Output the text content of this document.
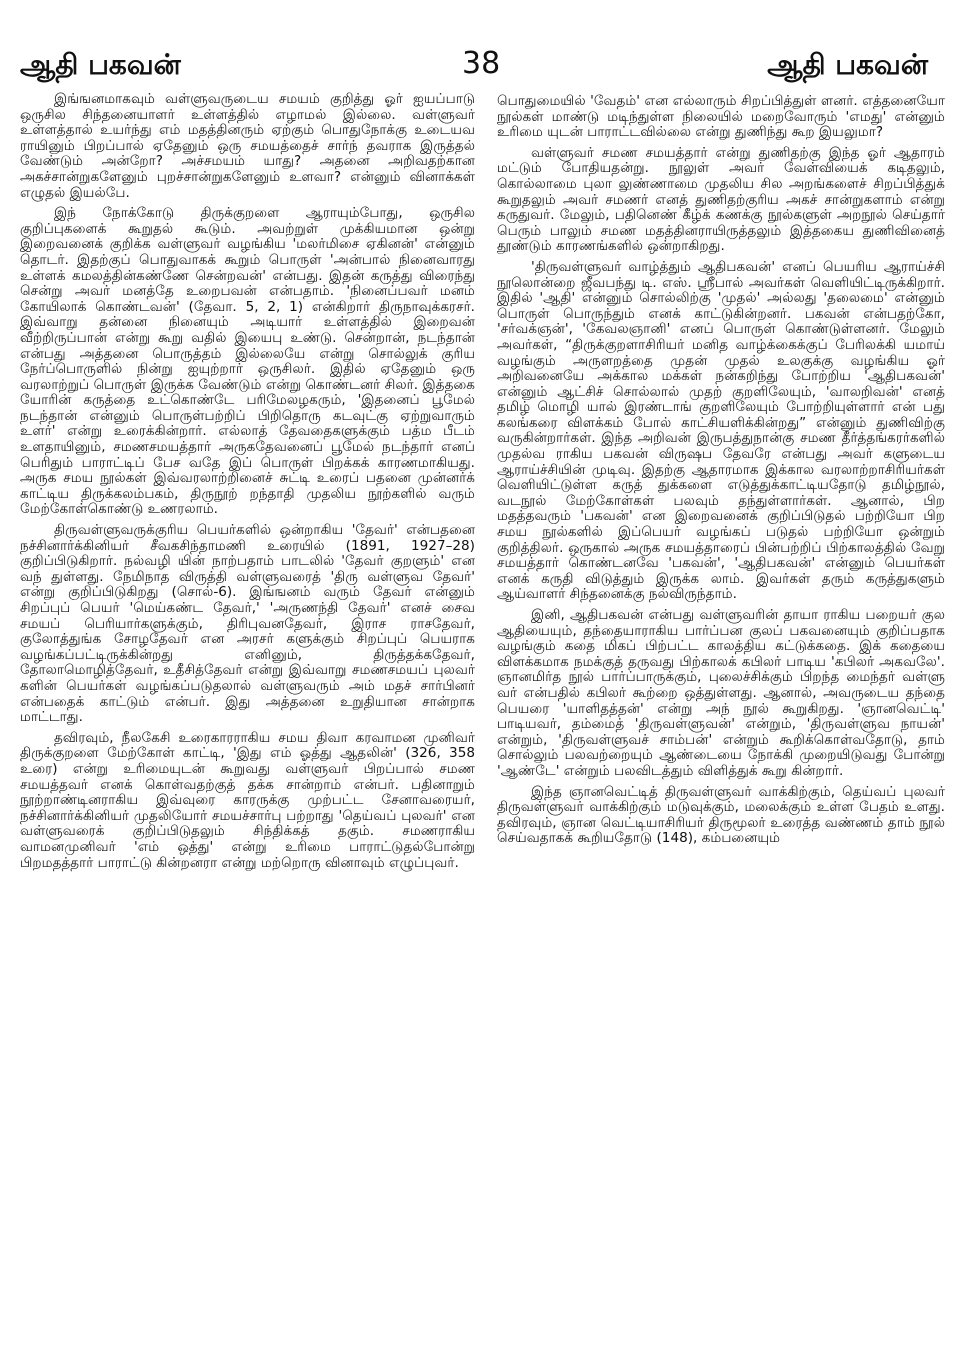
ஆதி பகவன்	38	ஆதி பகவன்

இங்ஙனமாகவும் வள்ளுவருடைய சமயம் குறித்து ஓர் ஐயப்பாடு ஒருசில சிந்தனையாளர் உள்ளத்தில் எழாமல் இல்லை. வள்ளுவர் உள்ளத்தால் உயர்ந்து எம் மதத்தினரும் ஏற்கும் பொதுநோக்கு உடையவ ராயினும் பிறப்பால் ஏதேனும் ஒரு சமயத்தைச் சார்ந் தவராக இருத்தல் வேண்டும் அன்றோ? அச்சமயம் யாது? அதனை அறிவதற்கான அகச்சான்றுகளேனும் புறச்சான்றுகளேனும் உளவா? என்னும் வினாக்கள் எழுதல் இயல்பே.

இந் நோக்கோடு திருக்குறளை ஆராயும்போது, ஒருசில குறிப்புகளைக் கூறுதல் கூடும். அவற்றுள் முக்கியமான ஒன்று இறைவனைக் குறிக்க வள்ளுவர் வழங்கிய 'மலர்மிசை ஏகினன்' என்னும் தொடர். இதற்குப் பொதுவாகக் கூறும் பொருள் 'அன்பால் நினைவாரது உள்ளக் கமலத்தின்கண்ணே சென்றவன்' என்பது. இதன் கருத்து விரைந்து சென்று அவர் மனத்தே உறைபவன் என்பதாம். 'நினைப்பவர் மனம் கோயிலாக் கொண்டவன்' (தேவா. 5, 2, 1) என்கிறார் திருநாவுக்கரசர். இவ்வாறு தன்னை நினையும் அடியார் உள்ளத்தில் இறைவன் வீற்றிருப்பான் என்று கூறு வதில் இயைபு உண்டு. சென்றான், நடந்தான் என்பது அத்தனை பொருத்தம் இல்லையே என்று சொல்லுக் குரிய நேர்ப்பொருளில் நின்று ஐயுற்றார் ஒருசிலர். இதில் ஏதேனும் ஒரு வரலாற்றுப் பொருள் இருக்க வேண்டும் என்று கொண்டனர் சிலர். இத்தகை யோரின் கருத்தை உட்கொண்டே பரிமேலழகரும், 'இதனைப் பூமேல் நடந்தான் என்னும் பொருள்பற்றிப் பிறிதொரு கடவுட்கு ஏற்றுவாரும் உளர்' என்று உரைக்கின்றார். எல்லாத் தேவதைகளுக்கும் பத்ம பீடம் உளதாயினும், சமணசமயத்தார் அருகதேவனைப் பூமேல் நடந்தார் எனப் பெரிதும் பாராட்டிப் பேச வதே இப் பொருள் பிறக்கக் காரணமாகியது. அருக சமய நூல்கள் இவ்வரலாற்றினைச் சுட்டி உரைப் பதனை முன்னர்க் காட்டிய திருக்கலம்பகம், திருநூற் றந்தாதி முதலிய நூற்களில் வரும் மேற்கோள்கொண்டு உணரலாம்.

திருவள்ளுவருக்குரிய பெயர்களில் ஒன்றாகிய 'தேவர்' என்பதனை நச்சினார்க்கினியர் சீவகசிந்தாமணி உரையில் (1891, 1927–28) குறிப்பிடுகிறார். நல்வழி யின் நாற்பதாம் பாடலில் 'தேவர் குறளும்' என வந் துள்ளது. நேமிநாத விருத்தி வள்ளுவரைத் 'திரு வள்ளுவ தேவர்' என்று குறிப்பிடுகிறது (சொல்-6). இங்ஙனம் வரும் தேவர் என்னும் சிறப்புப் பெயர் 'மெய்கண்ட தேவர்,' 'அருணந்தி தேவர்' எனச் சைவ சமயப் பெரியார்களுக்கும், திரிபுவனதேவர், இராச ராசதேவர், குலோத்துங்க சோழதேவர் என அரசர் களுக்கும் சிறப்புப் பெயராக வழங்கப்பட்டிருக்கின்றது எனினும், திருத்தக்கதேவர், தோலாமொழித்தேவர், உதீசித்தேவர் என்று இவ்வாறு சமணசமயப் புலவர் களின் பெயர்கள் வழங்கப்படுதலால் வள்ளுவரும் அம் மதச் சார்பினர் என்பதைக் காட்டும் என்பர். இது அத்தனை உறுதியான சான்றாக மாட்டாது.

தவிரவும், நீலகேசி உரைகாரராகிய சமய திவா கரவாமன முனிவர் திருக்குறளை மேற்கோள் காட்டி, 'இது எம் ஓத்து ஆதலின்' (326, 358 உரை) என்று உரிமையுடன் கூறுவது வள்ளுவர் பிறப்பால் சமண சமயத்தவர் எனக் கொள்வதற்குத் தக்க சான்றாம் என்பர். பதினாறும் நூற்றாண்டினராகிய இவ்வுரை காரருக்கு முற்பட்ட சேனாவரையர், நச்சினார்க்கினியர் முதலியோர் சமயச்சார்பு பற்றாது 'தெய்வப் புலவர்' என வள்ளுவரைக் குறிப்பிடுதலும் சிந்திக்கத் தகும். சமணராகிய வாமனமுனிவர் 'எம் ஒத்து' என்று உரிமை பாராட்டுதல்போன்று பிறமதத்தார் பாராட்டு கின்றனரா என்று மற்றொரு வினாவும் எழுப்புவர்.

பொதுமையில் 'வேதம்' என எல்லாரும் சிறப்பித்துள் ளனர். எத்தனையோ நூல்கள் மாண்டு மடிந்துள்ள நிலையில் மறைவோரும் 'எமது' என்னும் உரிமை யுடன் பாராட்டவில்லை என்று துணிந்து கூற இயலுமா?

வள்ளுவர் சமண சமயத்தார் என்று துணிதற்கு இந்த ஓர் ஆதாரம் மட்டும் போதியதன்று. நூலுள் அவர் வேள்வியைக் கடிதலும், கொல்லாமை புலா லுண்ணாமை முதலிய சில அறங்களைச் சிறப்பித்துக் கூறுதலும் அவர் சமணர் எனத் துணிதற்குரிய அகச் சான்றுகளாம் என்று கருதுவர். மேலும், பதினெண் கீழ்க் கணக்கு நூல்களுள் அறநூல் செய்தார் பெரும் பாலும் சமண மதத்தினராயிருத்தலும் இத்தகைய துணிவினைத் தூண்டும் காரணங்களில் ஒன்றாகிறது.

'திருவள்ளுவர் வாழ்த்தும் ஆதிபகவன்' எனப் பெயரிய ஆராய்ச்சி நூலொன்றை ஜீவபந்து டி. எஸ். ஸ்ரீபால் அவர்கள் வெளியிட்டிருக்கிறார். இதில் 'ஆதி' என்னும் சொல்லிற்கு 'முதல்' அல்லது 'தலைமை' என்னும் பொருள் பொருந்தும் எனக் காட்டுகின்றனர். பகவன் என்பதற்கோ, 'சர்வக்ஞன்', 'கேவலஞானி' எனப் பொருள் கொண்டுள்ளனர். மேலும் அவர்கள், “திருக்குறளாசிரியர் மனித வாழ்க்கைக்குப் பேரிலக்கி யமாய் வழங்கும் அருளறத்தை முதன் முதல் உலகுக்கு வழங்கிய ஓர் அறிவனையே அக்கால மக்கள் நன்கறிந்து போற்றிய 'ஆதிபகவன்' என்னும் ஆட்சிச் சொல்லால் முதற் குறளிலேயும், 'வாலறிவன்' எனத் தமிழ் மொழி யால் இரண்டாங் குறளிலேயும் போற்றியுள்ளார் என் பது கலங்கரை விளக்கம் போல் காட்சியளிக்கின்றது” என்னும் துணிவிற்கு வருகின்றார்கள். இந்த அறிவன் இருபத்துநான்கு சமண தீர்த்தங்கரர்களில் முதல்வ ராகிய பகவன் விருஷப தேவரே என்பது அவர் களுடைய ஆராய்ச்சியின் முடிவு. இதற்கு ஆதாரமாக இக்கால வரலாற்றாசிரியர்கள் வெளியிட்டுள்ள கருத் துக்களை எடுத்துக்காட்டியதோடு தமிழ்நூல், வடநூல் மேற்கோள்கள் பலவும் தந்துள்ளார்கள். ஆனால், பிற மதத்தவரும் 'பகவன்' என இறைவனைக் குறிப்பிடுதல் பற்றியோ பிற சமய நூல்களில் இப்பெயர் வழங்கப் படுதல் பற்றியோ ஒன்றும் குறித்திலர். ஒருகால் அருக சமயத்தாரைப் பின்பற்றிப் பிற்காலத்தில் வேறு சமயத்தார் கொண்டனவே 'பகவன்', 'ஆதிபகவன்' என்னும் பெயர்கள் எனக் கருதி விடுத்தும் இருக்க லாம். இவர்கள் தரும் கருத்துகளும் ஆய்வாளர் சிந்தனைக்கு நல்விருந்தாம்.

இனி, ஆதிபகவன் என்பது வள்ளுவரின் தாயா ராகிய பறையர் குல ஆதியையும், தந்தையாராகிய பார்ப்பன குலப் பகவனையும் குறிப்பதாக வழங்கும் கதை மிகப் பிற்பட்ட காலத்திய கட்டுக்கதை. இக் கதையை விளக்கமாக நமக்குத் தருவது பிற்காலக் கபிலர் பாடிய 'கபிலர் அகவலே'. ஞானமிர்த நூல் பார்ப்பாருக்கும், புலைச்சிக்கும் பிறந்த மைந்தர் வள்ளு வர் என்பதில் கபிலர் கூற்றை ஒத்துள்ளது. ஆனால், அவருடைய தந்தை பெயரை 'யாளிதத்தன்' என்று அந் நூல் கூறுகிறது. 'ஞானவெட்டி' பாடியவர், தம்மைத் 'திருவள்ளுவன்' என்றும், 'திருவள்ளுவ நாயன்' என்றும், 'திருவள்ளுவச் சாம்பன்' என்றும் கூறிக்கொள்வதோடு, தாம் சொல்லும் பலவற்றையும் ஆண்டையை நோக்கி முறையிடுவது போன்று 'ஆண்டே' என்றும் பலவிடத்தும் விளித்துக் கூறு கின்றார்.

இந்த ஞானவெட்டித் திருவள்ளுவர் வாக்கிற்கும், தெய்வப் புலவர் திருவள்ளுவர் வாக்கிற்கும் மடுவுக்கும், மலைக்கும் உள்ள பேதம் உளது. தவிரவும், ஞான வெட்டியாசிரியர் திருமூலர் உரைத்த வண்ணம் தாம் நூல் செய்வதாகக் கூறியதோடு (148), கம்பனையும்
